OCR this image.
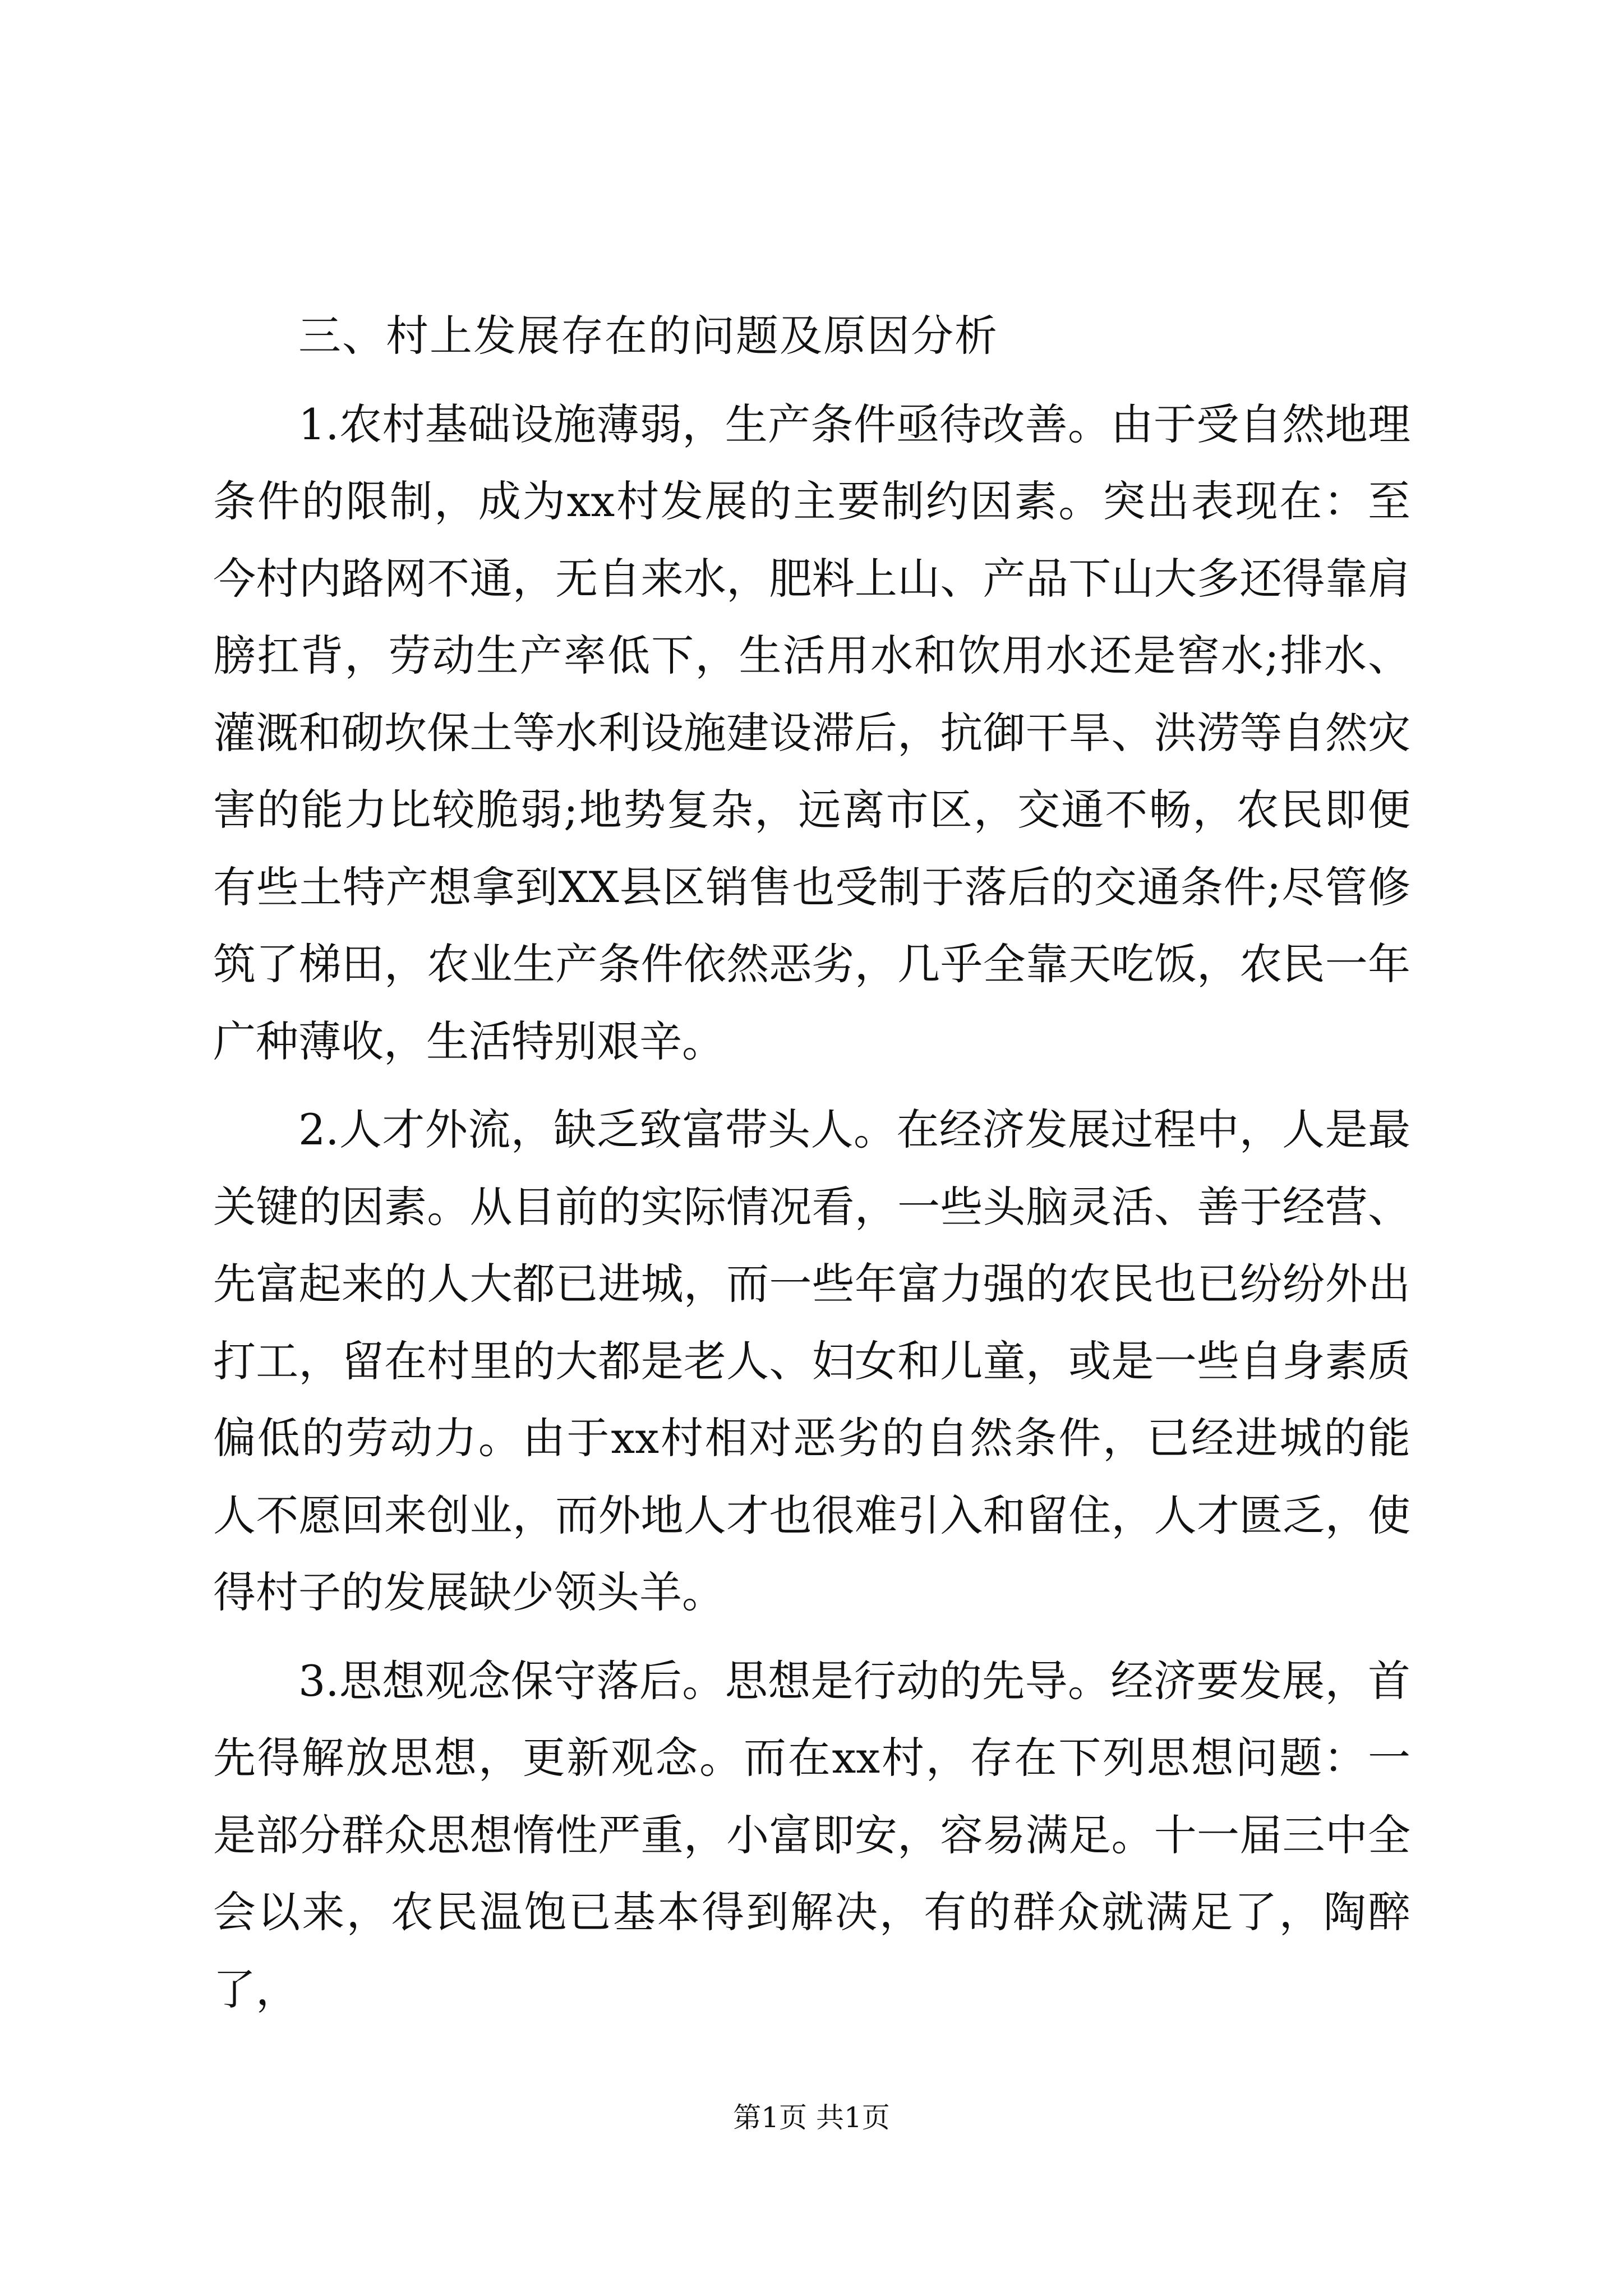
三、村上发展存在的问题及原因分析

1.农村基础设施薄弱，生产条件亟待改善。由于受自然地理条件的限制，成为xx村发展的主要制约因素。突出表现在：至今村内路网不通，无自来水，肥料上山、产品下山大多还得靠肩膀扛背，劳动生产率低下，生活用水和饮用水还是窖水;排水、灌溉和砌坎保土等水利设施建设滞后，抗御干旱、洪涝等自然灾害的能力比较脆弱;地势复杂，远离市区，交通不畅，农民即便有些土特产想拿到XX县区销售也受制于落后的交通条件;尽管修筑了梯田，农业生产条件依然恶劣，几乎全靠天吃饭，农民一年广种薄收，生活特别艰辛。

2.人才外流，缺乏致富带头人。在经济发展过程中，人是最关键的因素。从目前的实际情况看，一些头脑灵活、善于经营、先富起来的人大都已进城，而一些年富力强的农民也已纷纷外出打工，留在村里的大都是老人、妇女和儿童，或是一些自身素质偏低的劳动力。由于xx村相对恶劣的自然条件，已经进城的能人不愿回来创业，而外地人才也很难引入和留住，人才匮乏，使得村子的发展缺少领头羊。

3.思想观念保守落后。思想是行动的先导。经济要发展，首先得解放思想，更新观念。而在xx村，存在下列思想问题：一是部分群众思想惰性严重，小富即安，容易满足。十一届三中全会以来，农民温饱已基本得到解决，有的群众就满足了，陶醉了，

第1页 共1页
